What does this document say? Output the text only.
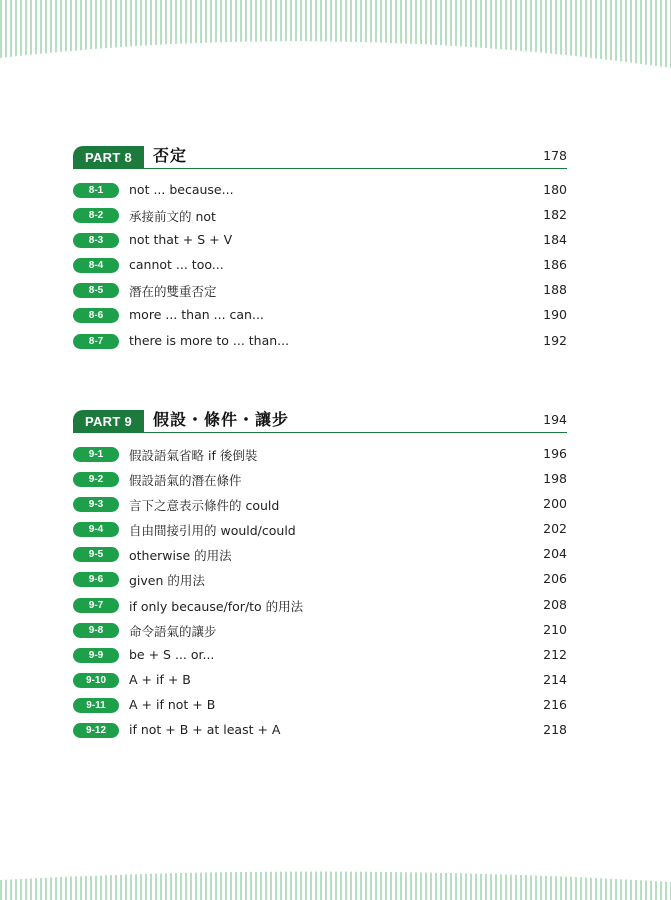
PART 8	否定	178
8-1	not ... because...	180
8-2	承接前文的 not	182
8-3	not that + S + V	184
8-4	cannot ... too...	186
8-5	潛在的雙重否定	188
8-6	more ... than ... can...	190
8-7	there is more to ... than...	192
PART 9	假設・條件・讓步	194
9-1	假設語氣省略 if 後倒裝	196
9-2	假設語氣的潛在條件	198
9-3	言下之意表示條件的 could	200
9-4	自由間接引用的 would/could	202
9-5	otherwise 的用法	204
9-6	given 的用法	206
9-7	if only because/for/to 的用法	208
9-8	命令語氣的讓步	210
9-9	be + S ... or...	212
9-10	A + if + B	214
9-11	A + if not + B	216
9-12	if not + B + at least + A	218
